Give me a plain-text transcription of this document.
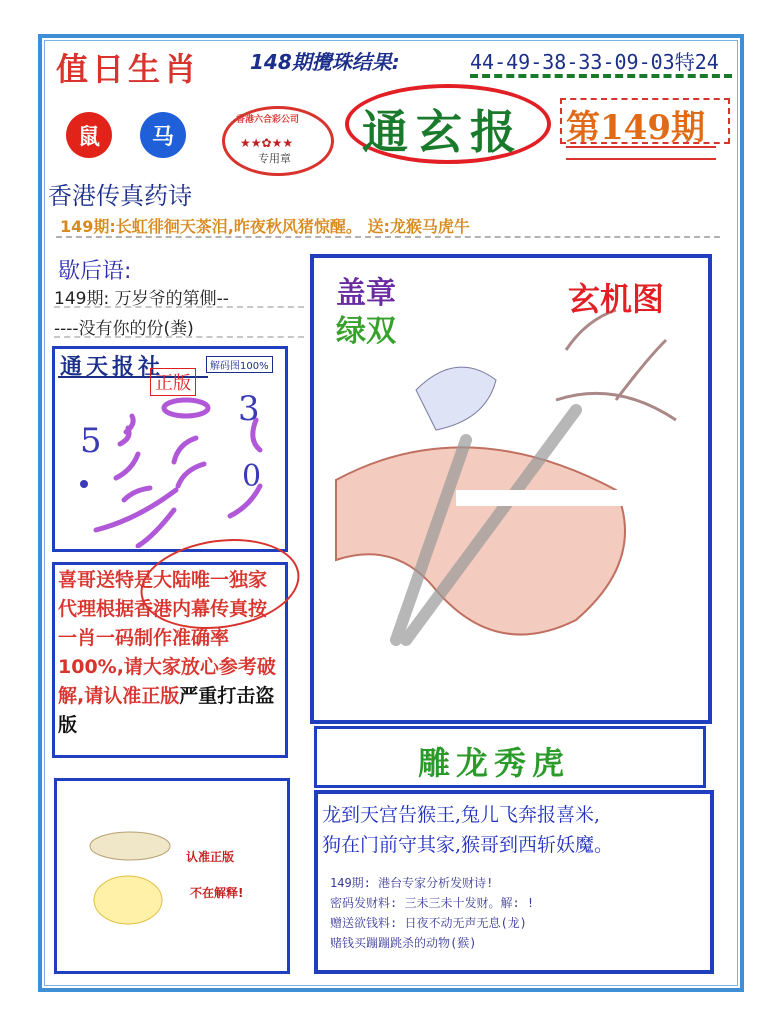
值日生肖 148期攪珠结果:	44-49-38-33-09-03特24
鼠	马
香港六合彩公司
★★✿★★
专用章 通玄报 第149期
香港传真药诗
149期:长虹徘徊天茶泪,昨夜秋风猪惊醒。 送:龙猴马虎牛
歇后语:
149期: 万岁爷的第側--
----没有你的份(粪)
通天报社	解码图100%
正版
5
3
0
喜哥送特是大陆唯一独家代理根据香港内幕传真按一肖一码制作准确率100%,请大家放心参考破解,请认准正版严重打击盗版
认准正版
不在解释!
盖章
绿双
玄机图
雕龙秀虎
龙到天宫告猴王,兔儿飞奔报喜米,
狗在门前守其家,猴哥到西斩妖魔。
149期: 港台专家分析发财诗!
密码发财料: 三未三未十发财。解: !
赠送欲钱料: 日夜不动无声无息(龙)
赌钱买蹦蹦跳杀的动物(猴)
